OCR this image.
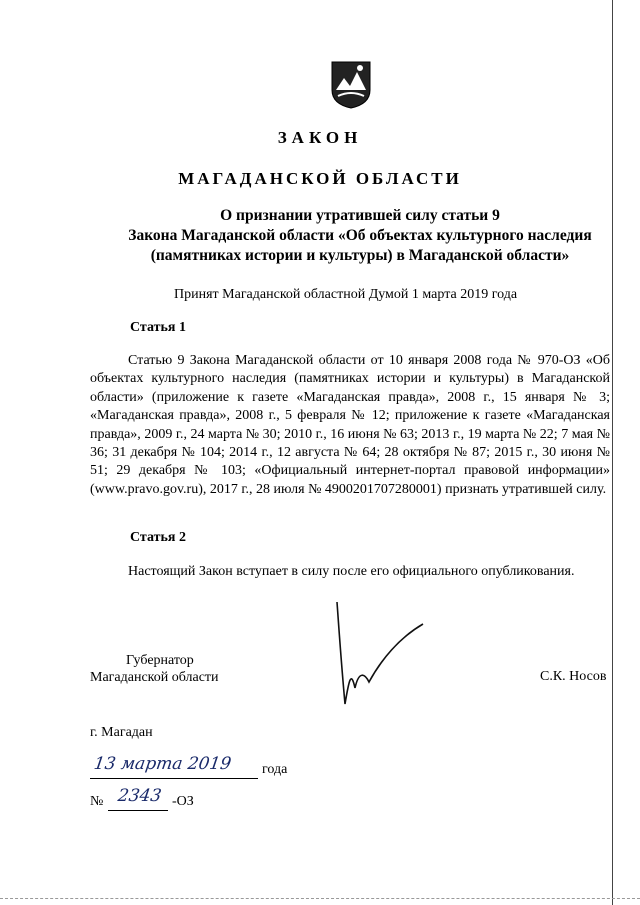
ЗАКОН
МАГАДАНСКОЙ ОБЛАСТИ
О признании утратившей силу статьи 9
Закона Магаданской области «Об объектах культурного наследия
(памятниках истории и культуры) в Магаданской области»
Принят Магаданской областной Думой 1 марта 2019 года
Статья 1
Статью 9 Закона Магаданской области от 10 января 2008 года № 970-ОЗ «Об объектах культурного наследия (памятниках истории и культуры) в Магаданской области» (приложение к газете «Магаданская правда», 2008 г., 15 января № 3; «Магаданская правда», 2008 г., 5 февраля № 12; приложение к газете «Магаданская правда», 2009 г., 24 марта № 30; 2010 г., 16 июня № 63; 2013 г., 19 марта № 22; 7 мая № 36; 31 декабря № 104; 2014 г., 12 августа № 64; 28 октября № 87; 2015 г., 30 июня № 51; 29 декабря № 103; «Официальный интернет-портал правовой информации» (www.pravo.gov.ru), 2017 г., 28 июля № 4900201707280001) признать утратившей силу.
Статья 2
Настоящий Закон вступает в силу после его официального опубликования.
Губернатор
Магаданской области	С.К. Носов
г. Магадан
13 марта 2019 года
№ 2343 -ОЗ
